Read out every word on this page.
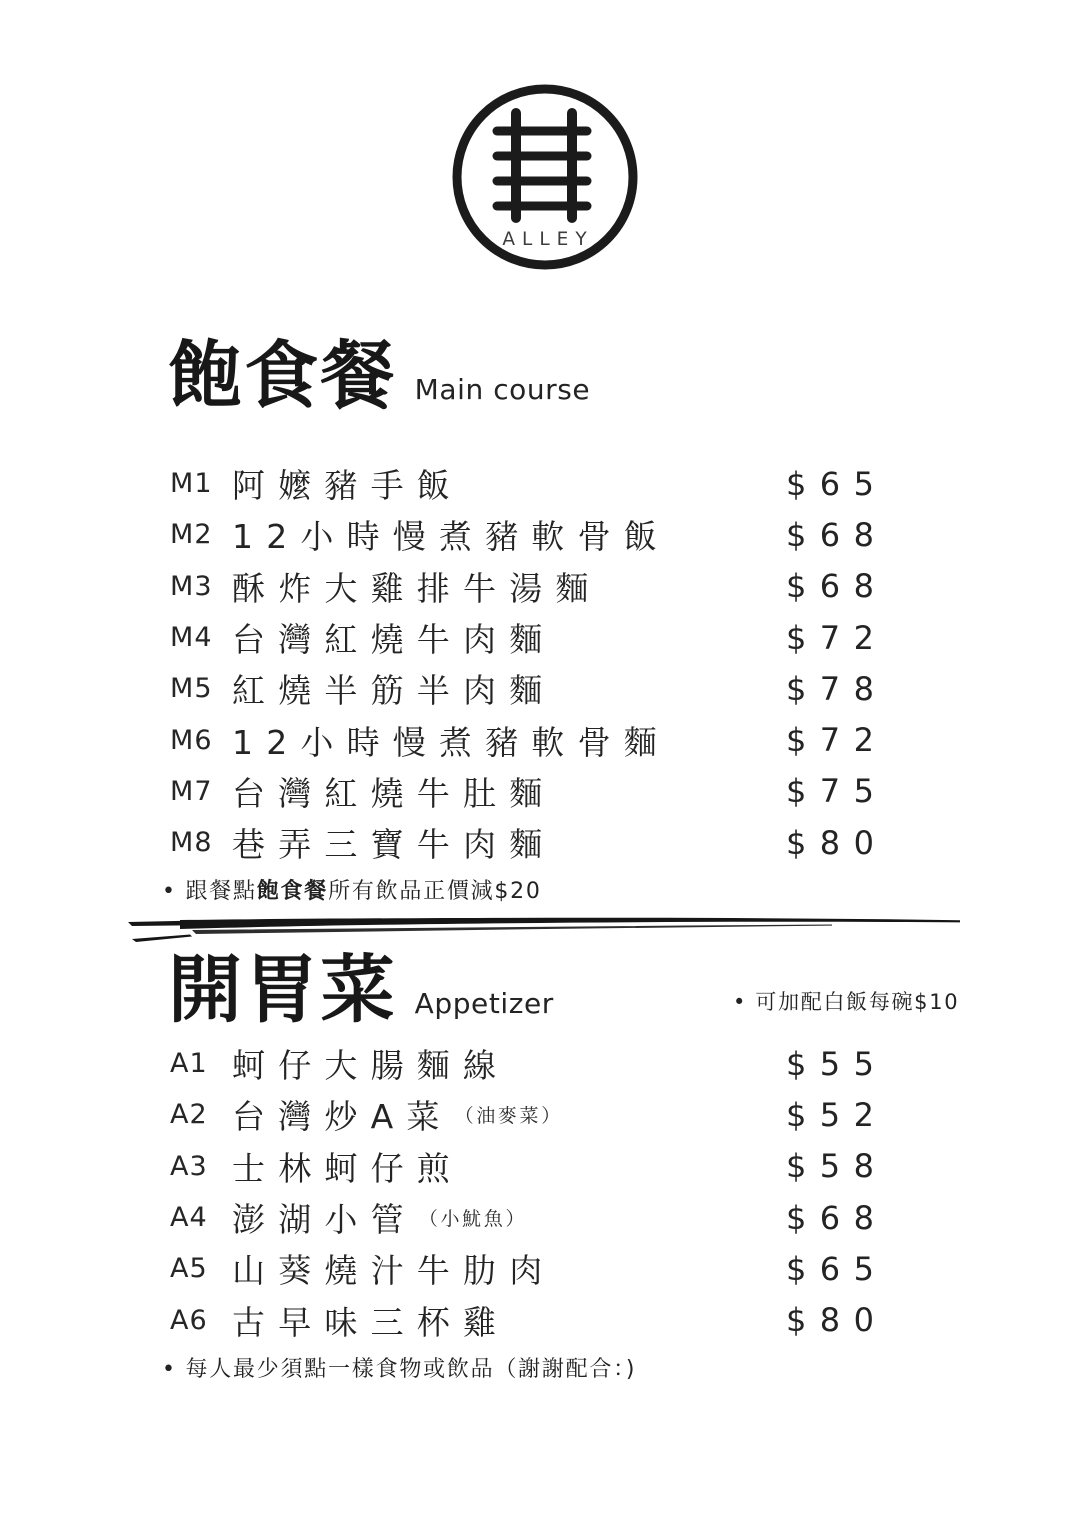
ALLEY
飽食餐 Main course
M1 阿嬤豬手飯	$65
M2 12小時慢煮豬軟骨飯	$68
M3 酥炸大雞排牛湯麵	$68
M4 台灣紅燒牛肉麵	$72
M5 紅燒半筋半肉麵	$78
M6 12小時慢煮豬軟骨麵	$72
M7 台灣紅燒牛肚麵	$75
M8 巷弄三寶牛肉麵	$80

• 跟餐點飽食餐所有飲品正價減$20

開胃菜 Appetizer	• 可加配白飯每碗$10

A1 蚵仔大腸麵線	$55
A2 台灣炒A菜 （油麥菜）	$52
A3 士林蚵仔煎	$58
A4 澎湖小管 （小魷魚）	$68
A5 山葵燒汁牛肋肉	$65
A6 古早味三杯雞	$80

• 每人最少須點一樣食物或飲品（謝謝配合：)
